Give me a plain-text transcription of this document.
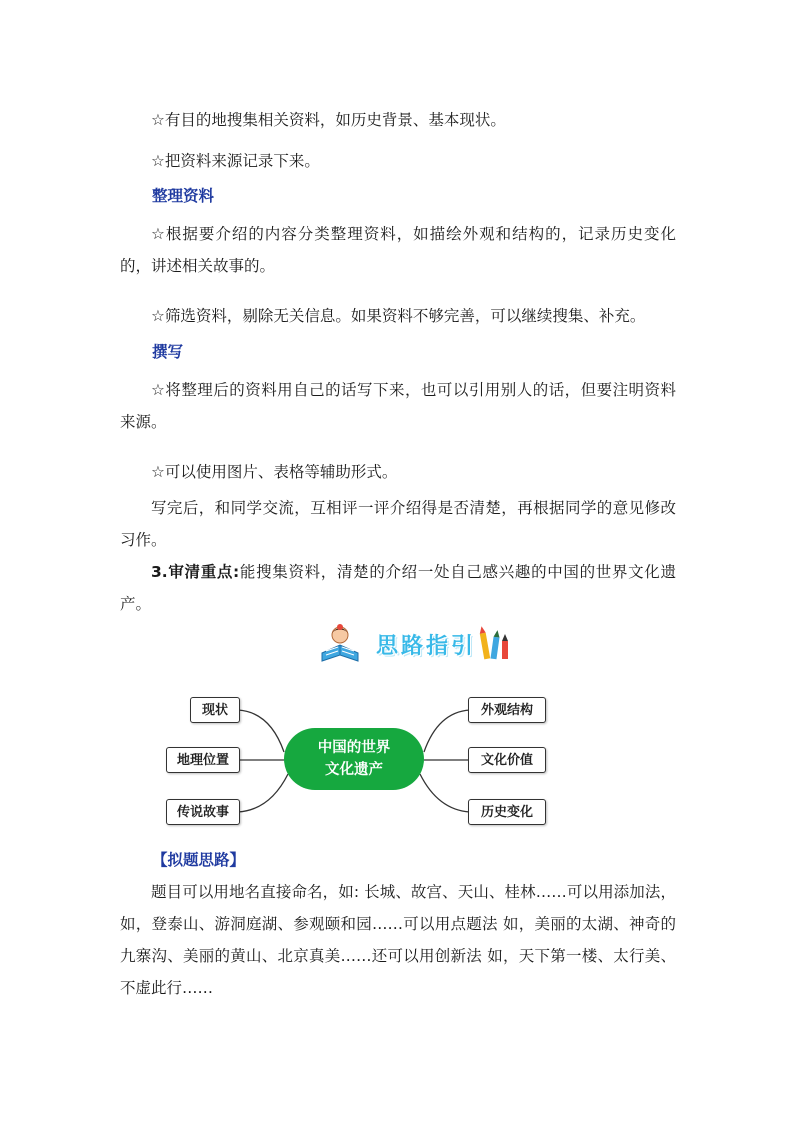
☆有目的地搜集相关资料，如历史背景、基本现状。

☆把资料来源记录下来。

整理资料

☆根据要介绍的内容分类整理资料，如描绘外观和结构的，记录历史变化的，讲述相关故事的。

☆筛选资料，剔除无关信息。如果资料不够完善，可以继续搜集、补充。

撰写

☆将整理后的资料用自己的话写下来，也可以引用别人的话，但要注明资料来源。

☆可以使用图片、表格等辅助形式。

写完后，和同学交流，互相评一评介绍得是否清楚，再根据同学的意见修改习作。

3.审清重点:能搜集资料，清楚的介绍一处自己感兴趣的中国的世界文化遗产。

思路指引
现状
地理位置
传说故事
中国的世界
文化遗产
外观结构
文化价值
历史变化

【拟题思路】

题目可以用地名直接命名，如: 长城、故宫、天山、桂林……可以用添加法，如，登泰山、游洞庭湖、参观颐和园……可以用点题法 如，美丽的太湖、神奇的九寨沟、美丽的黄山、北京真美……还可以用创新法 如，天下第一楼、太行美、不虚此行……
